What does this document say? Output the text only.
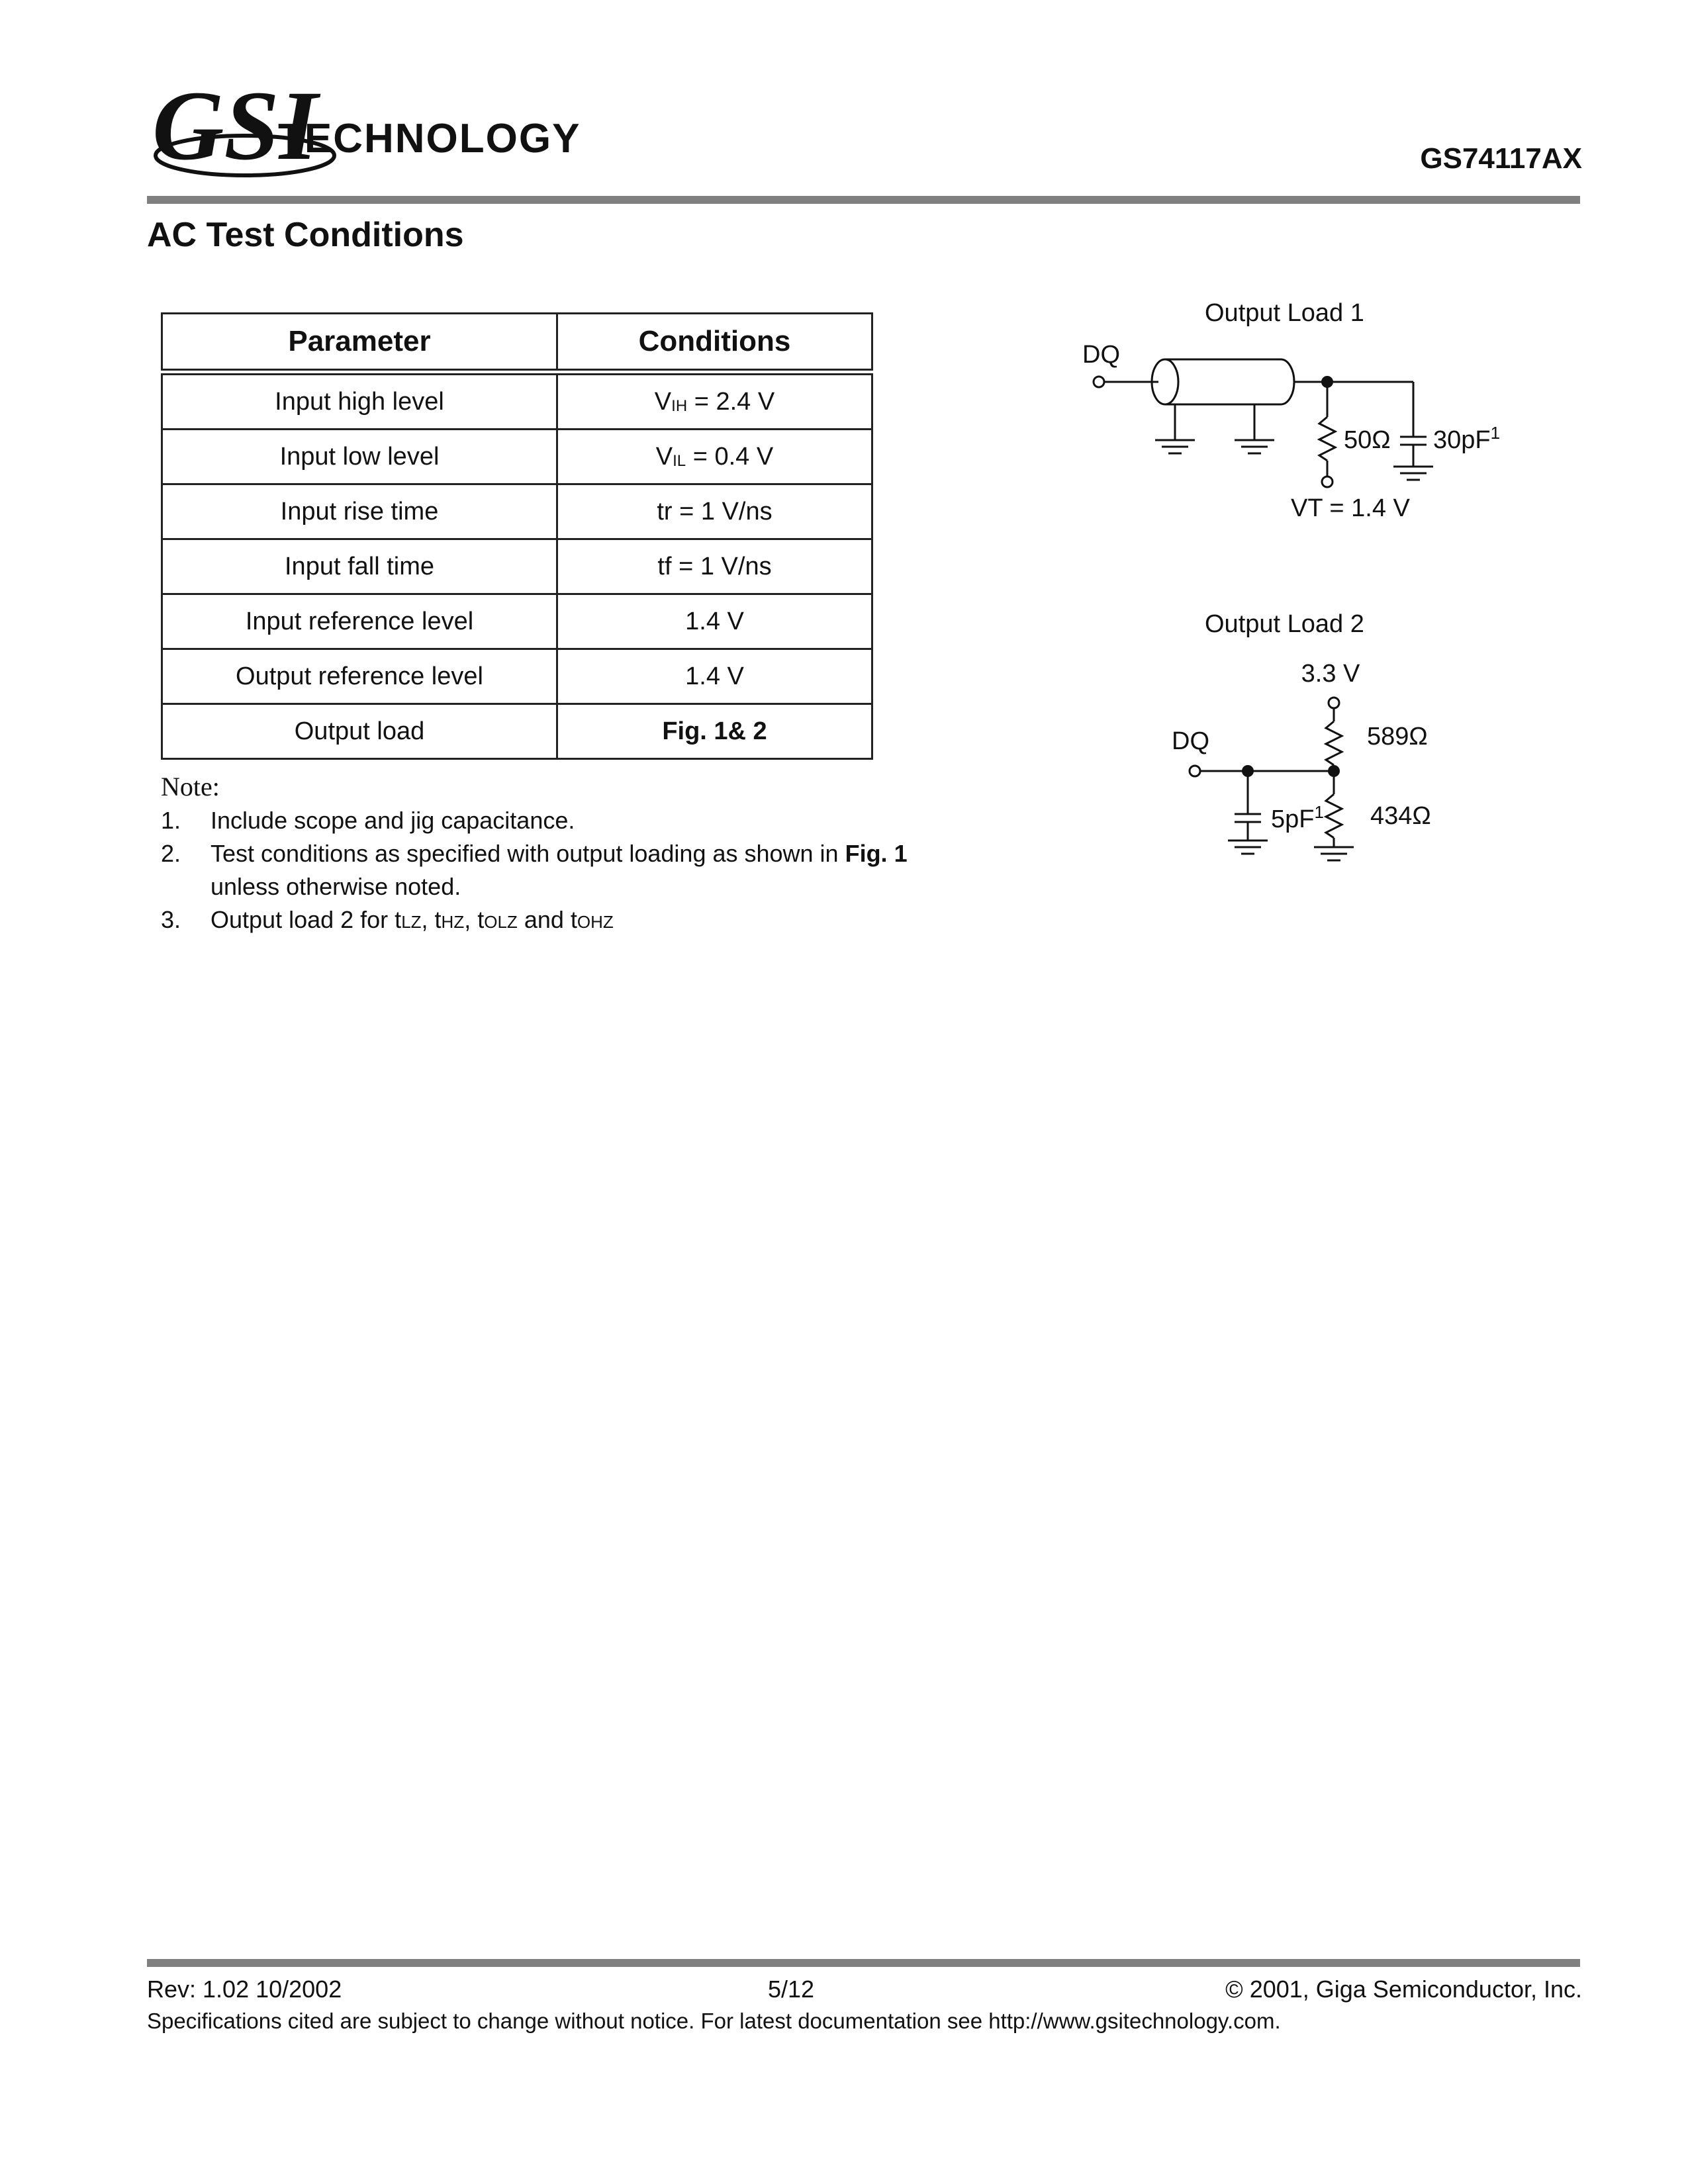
GSI
TECHNOLOGY	GS74117AX
AC Test Conditions
Parameter	Conditions
Input high level	$V_{IH} = 2.4$ V
Input low level	$V_{IL} = 0.4$ V
Input rise time	tr = 1 V/ns
Input fall time	tf = 1 V/ns
Input reference level	1.4 V
Output reference level	1.4 V
Output load	Fig. 1& 2
Note:
1.	Include scope and jig capacitance.
2.	Test conditions as specified with output loading as shown in Fig. 1
unless otherwise noted.
3.	Output load 2 for tLZ, tHZ, tOLZ and tOHZ
Output Load 1
DQ
50Ω $30pF^1$
VT = 1.4 V
Output Load 2
3.3 V
DQ	589Ω
434Ω
$5pF^1$
Rev: 1.02 10/2002	5/12	© 2001, Giga Semiconductor, Inc.
Specifications cited are subject to change without notice. For latest documentation see http://www.gsitechnology.com.
